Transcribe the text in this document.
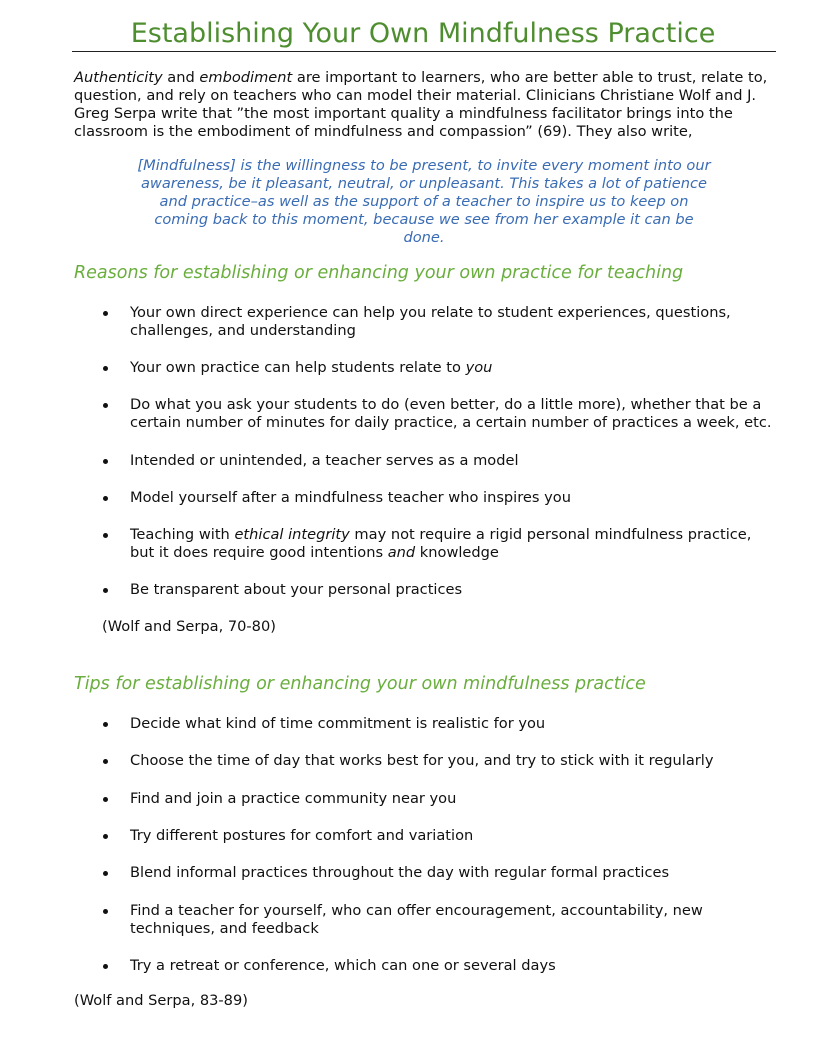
Establishing Your Own Mindfulness Practice

Authenticity and embodiment are important to learners, who are better able to trust, relate to, question, and rely on teachers who can model their material. Clinicians Christiane Wolf and J. Greg Serpa write that ”the most important quality a mindfulness facilitator brings into the classroom is the embodiment of mindfulness and compassion” (69). They also write,

[Mindfulness] is the willingness to be present, to invite every moment into our awareness, be it pleasant, neutral, or unpleasant. This takes a lot of patience and practice–as well as the support of a teacher to inspire us to keep on coming back to this moment, because we see from her example it can be done.

Reasons for establishing or enhancing your own practice for teaching
Your own direct experience can help you relate to student experiences, questions, challenges, and understanding
Your own practice can help students relate to you
Do what you ask your students to do (even better, do a little more), whether that be a certain number of minutes for daily practice, a certain number of practices a week, etc.
Intended or unintended, a teacher serves as a model
Model yourself after a mindfulness teacher who inspires you
Teaching with ethical integrity may not require a rigid personal mindfulness practice, but it does require good intentions and knowledge
Be transparent about your personal practices

(Wolf and Serpa, 70-80)

Tips for establishing or enhancing your own mindfulness practice
Decide what kind of time commitment is realistic for you
Choose the time of day that works best for you, and try to stick with it regularly
Find and join a practice community near you
Try different postures for comfort and variation
Blend informal practices throughout the day with regular formal practices
Find a teacher for yourself, who can offer encouragement, accountability, new techniques, and feedback
Try a retreat or conference, which can one or several days

(Wolf and Serpa, 83-89)
